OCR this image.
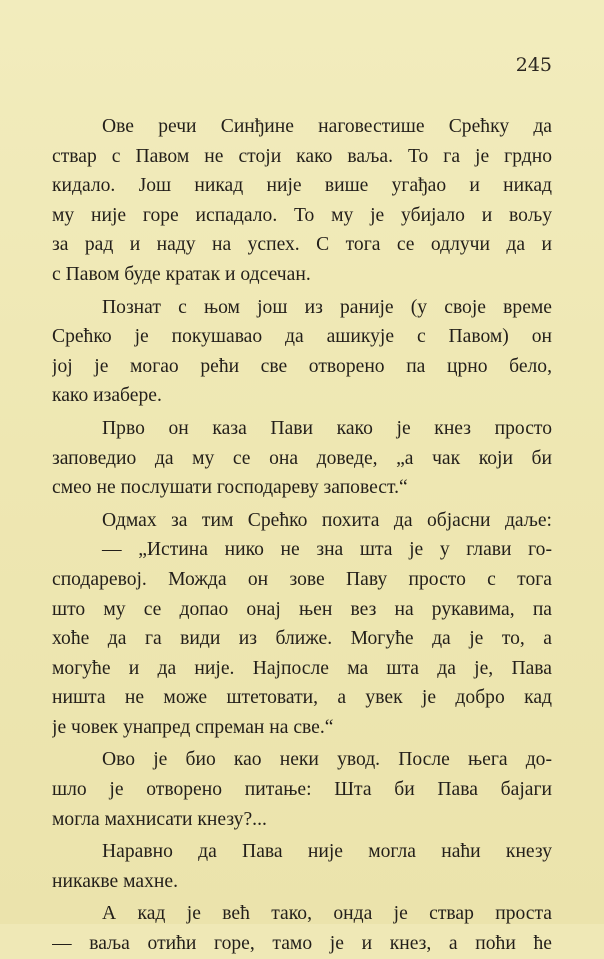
245
Ове речи Синђине наговестише Срећку да
ствар с Павом не стоји како ваља. То га је грдно
кидало. Још никад није више угађао и никад
му није горе испадало. То му је убијало и вољу
за рад и наду на успех. С тога се одлучи да и
с Павом буде кратак и одсечан.
Познат с њом још из раније (у своје време
Срећко је покушавао да ашикује с Павом) он
јој је могао рећи све отворено па црно бело,
како изабере.
Прво он каза Пави како је кнез просто
заповедио да му се она доведе, „а чак који би
смео не послушати господареву заповест.“
Одмах за тим Срећко похита да објасни даље:
— „Истина нико не зна шта је у глави го-
сподаревој. Можда он зове Паву просто с тога
што му се допао онај њен вез на рукавима, па
хоће да га види из ближе. Могуће да је то, а
могуће и да није. Најпосле ма шта да је, Пава
ништа не може штетовати, а увек је добро кад
је човек унапред спреман на све.“
Ово је био као неки увод. После њега до-
шло је отворено питање: Шта би Пава бајаги
могла махнисати кнезу?...
Наравно да Пава није могла наћи кнезу
никакве махне.
А кад је већ тако, онда је ствар проста
— ваља отићи горе, тамо је и кнез, а поћи ће
